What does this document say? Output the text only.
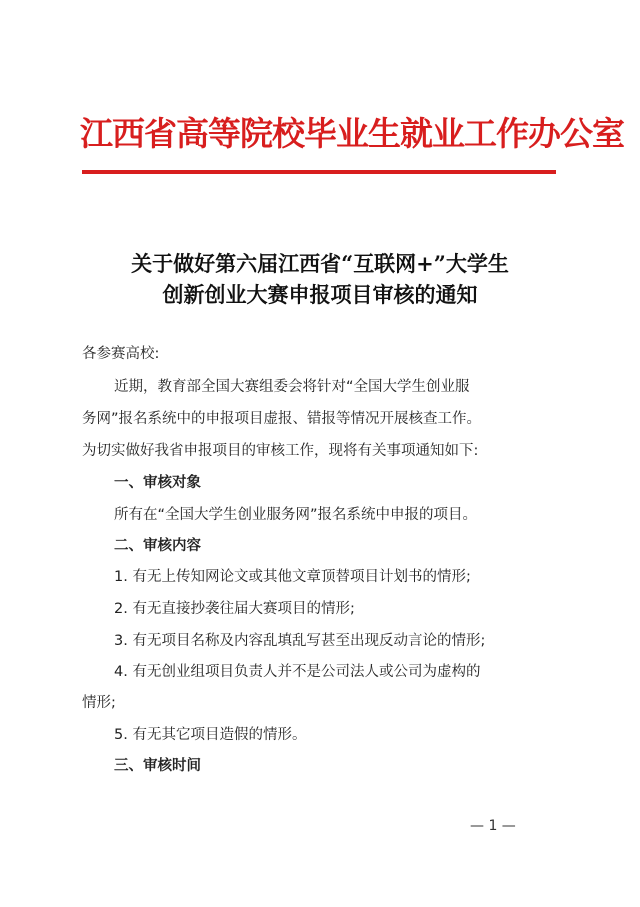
江西省高等院校毕业生就业工作办公室
关于做好第六届江西省“互联网+”大学生
创新创业大赛申报项目审核的通知
各参赛高校:
近期，教育部全国大赛组委会将针对“全国大学生创业服
务网”报名系统中的申报项目虚报、错报等情况开展核查工作。
为切实做好我省申报项目的审核工作，现将有关事项通知如下:
一、审核对象
所有在“全国大学生创业服务网”报名系统中申报的项目。
二、审核内容
1. 有无上传知网论文或其他文章顶替项目计划书的情形;
2. 有无直接抄袭往届大赛项目的情形;
3. 有无项目名称及内容乱填乱写甚至出现反动言论的情形;
4. 有无创业组项目负责人并不是公司法人或公司为虚构的
情形;
5. 有无其它项目造假的情形。
三、审核时间
— 1 —
